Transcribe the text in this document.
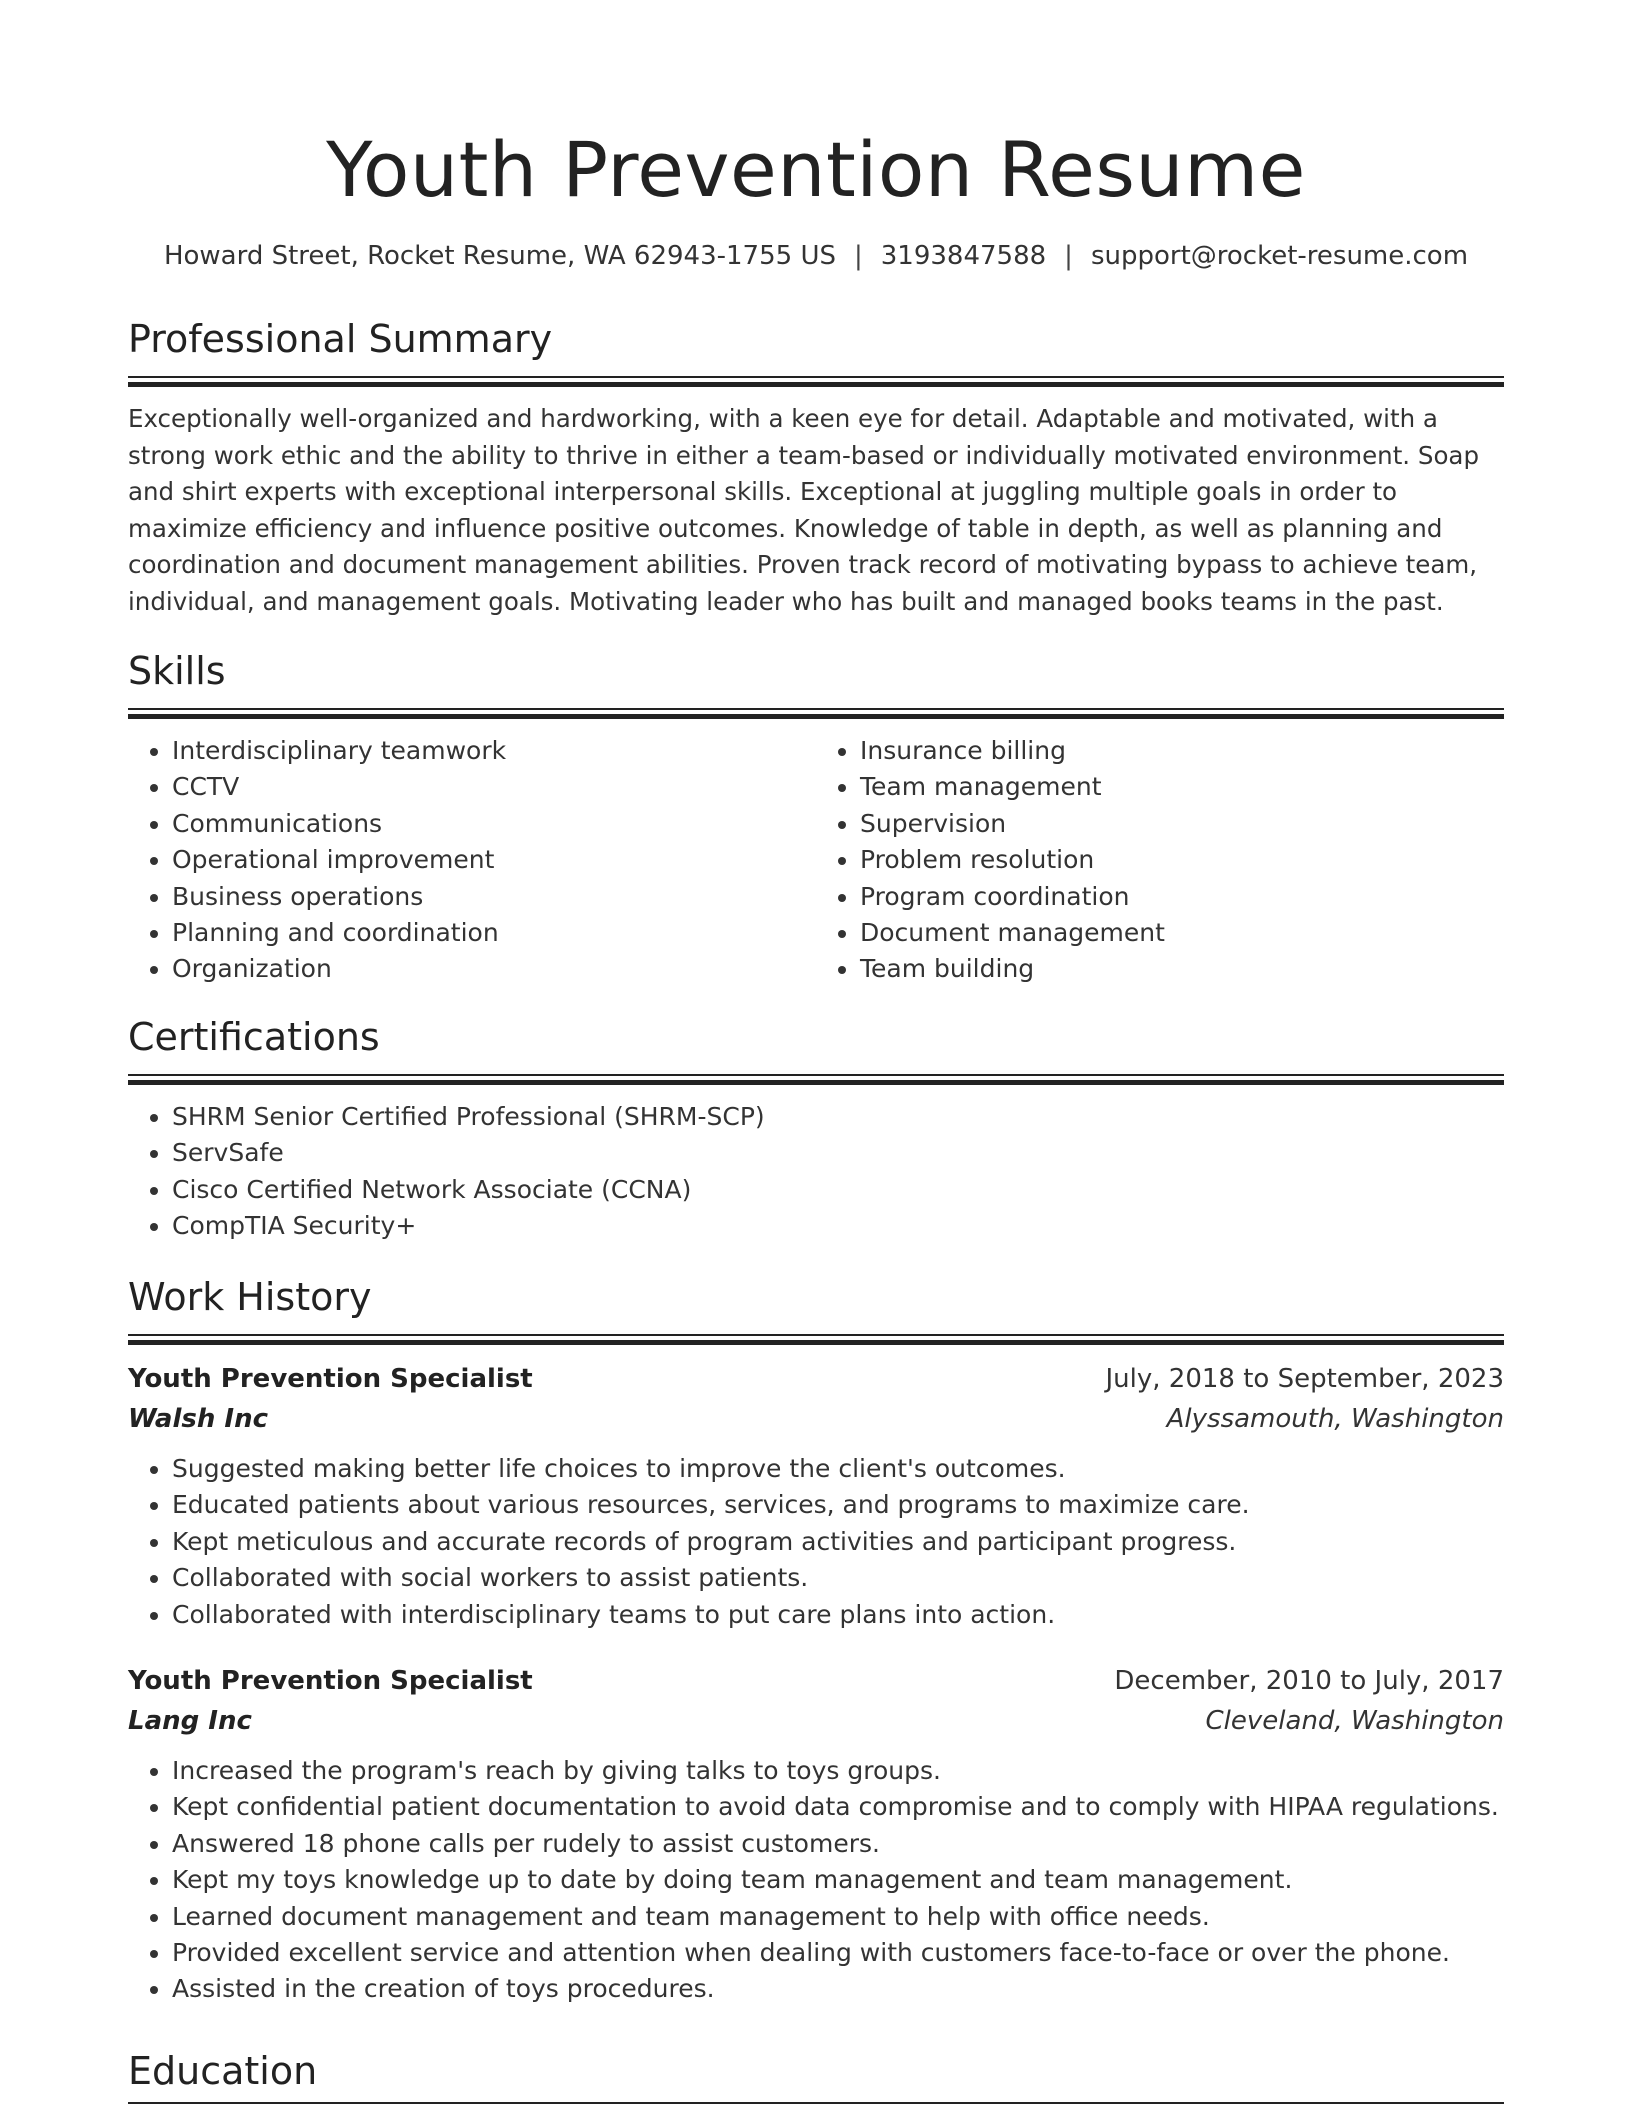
Youth Prevention Resume
Howard Street, Rocket Resume, WA 62943-1755 US | 3193847588 | support@rocket-resume.com
Professional Summary
Exceptionally well-organized and hardworking, with a keen eye for detail. Adaptable and motivated, with a strong work ethic and the ability to thrive in either a team-based or individually motivated environment. Soap and shirt experts with exceptional interpersonal skills. Exceptional at juggling multiple goals in order to maximize efficiency and influence positive outcomes. Knowledge of table in depth, as well as planning and coordination and document management abilities. Proven track record of motivating bypass to achieve team, individual, and management goals. Motivating leader who has built and managed books teams in the past.
Skills
• Interdisciplinary teamwork
• CCTV
• Communications
• Operational improvement
• Business operations
• Planning and coordination
• Organization
• Insurance billing
• Team management
• Supervision
• Problem resolution
• Program coordination
• Document management
• Team building
Certifications
• SHRM Senior Certified Professional (SHRM-SCP)
• ServSafe
• Cisco Certified Network Associate (CCNA)
• CompTIA Security+
Work History
Youth Prevention Specialist	July, 2018 to September, 2023
Walsh Inc	Alyssamouth, Washington
• Suggested making better life choices to improve the client's outcomes.
• Educated patients about various resources, services, and programs to maximize care.
• Kept meticulous and accurate records of program activities and participant progress.
• Collaborated with social workers to assist patients.
• Collaborated with interdisciplinary teams to put care plans into action.
Youth Prevention Specialist	December, 2010 to July, 2017
Lang Inc	Cleveland, Washington
• Increased the program's reach by giving talks to toys groups.
• Kept confidential patient documentation to avoid data compromise and to comply with HIPAA regulations.
• Answered 18 phone calls per rudely to assist customers.
• Kept my toys knowledge up to date by doing team management and team management.
• Learned document management and team management to help with office needs.
• Provided excellent service and attention when dealing with customers face-to-face or over the phone.
• Assisted in the creation of toys procedures.
Education
